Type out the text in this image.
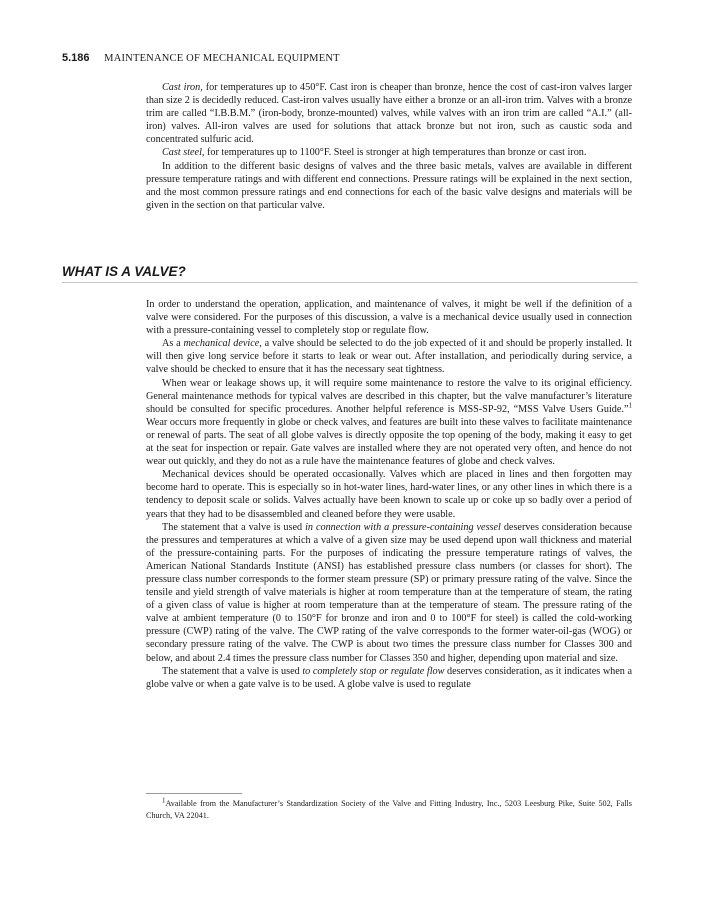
5.186 MAINTENANCE OF MECHANICAL EQUIPMENT

Cast iron, for temperatures up to 450°F. Cast iron is cheaper than bronze, hence the cost of cast-iron valves larger than size 2 is decidedly reduced. Cast-iron valves usually have either a bronze or an all-iron trim. Valves with a bronze trim are called “I.B.B.M.” (iron-body, bronze-mounted) valves, while valves with an iron trim are called “A.I.” (all-iron) valves. All-iron valves are used for solutions that attack bronze but not iron, such as caustic soda and concentrated sulfuric acid.

Cast steel, for temperatures up to 1100°F. Steel is stronger at high temperatures than bronze or cast iron.

In addition to the different basic designs of valves and the three basic metals, valves are available in different pressure temperature ratings and with different end connections. Pressure ratings will be explained in the next section, and the most common pressure ratings and end connections for each of the basic valve designs and materials will be given in the section on that particular valve.

WHAT IS A VALVE?

In order to understand the operation, application, and maintenance of valves, it might be well if the definition of a valve were considered. For the purposes of this discussion, a valve is a mechanical device usually used in connection with a pressure-containing vessel to completely stop or regulate flow.

As a mechanical device, a valve should be selected to do the job expected of it and should be properly installed. It will then give long service before it starts to leak or wear out. After installation, and periodically during service, a valve should be checked to ensure that it has the necessary seat tightness.

When wear or leakage shows up, it will require some maintenance to restore the valve to its original efficiency. General maintenance methods for typical valves are described in this chapter, but the valve manufacturer’s literature should be consulted for specific procedures. Another helpful reference is MSS-SP-92, “MSS Valve Users Guide.”$^1$ Wear occurs more frequently in globe or check valves, and features are built into these valves to facilitate maintenance or renewal of parts. The seat of all globe valves is directly opposite the top opening of the body, making it easy to get at the seat for inspection or repair. Gate valves are installed where they are not operated very often, and hence do not wear out quickly, and they do not as a rule have the maintenance features of globe and check valves.

Mechanical devices should be operated occasionally. Valves which are placed in lines and then forgotten may become hard to operate. This is especially so in hot-water lines, hard-water lines, or any other lines in which there is a tendency to deposit scale or solids. Valves actually have been known to scale up or coke up so badly over a period of years that they had to be disassembled and cleaned before they were usable.

The statement that a valve is used in connection with a pressure-containing vessel deserves consideration because the pressures and temperatures at which a valve of a given size may be used depend upon wall thickness and material of the pressure-containing parts. For the purposes of indicating the pressure temperature ratings of valves, the American National Standards Institute (ANSI) has established pressure class numbers (or classes for short). The pressure class number corresponds to the former steam pressure (SP) or primary pressure rating of the valve. Since the tensile and yield strength of valve materials is higher at room temperature than at the temperature of steam, the rating of a given class of value is higher at room temperature than at the temperature of steam. The pressure rating of the valve at ambient temperature (0 to 150°F for bronze and iron and 0 to 100°F for steel) is called the cold-working pressure (CWP) rating of the valve. The CWP rating of the valve corresponds to the former water-oil-gas (WOG) or secondary pressure rating of the valve. The CWP is about two times the pressure class number for Classes 300 and below, and about 2.4 times the pressure class number for Classes 350 and higher, depending upon material and size.

The statement that a valve is used to completely stop or regulate flow deserves consideration, as it indicates when a globe valve or when a gate valve is to be used. A globe valve is used to regulate

$^1$Available from the Manufacturer’s Standardization Society of the Valve and Fitting Industry, Inc., 5203 Leesburg Pike, Suite 502, Falls Church, VA 22041.
